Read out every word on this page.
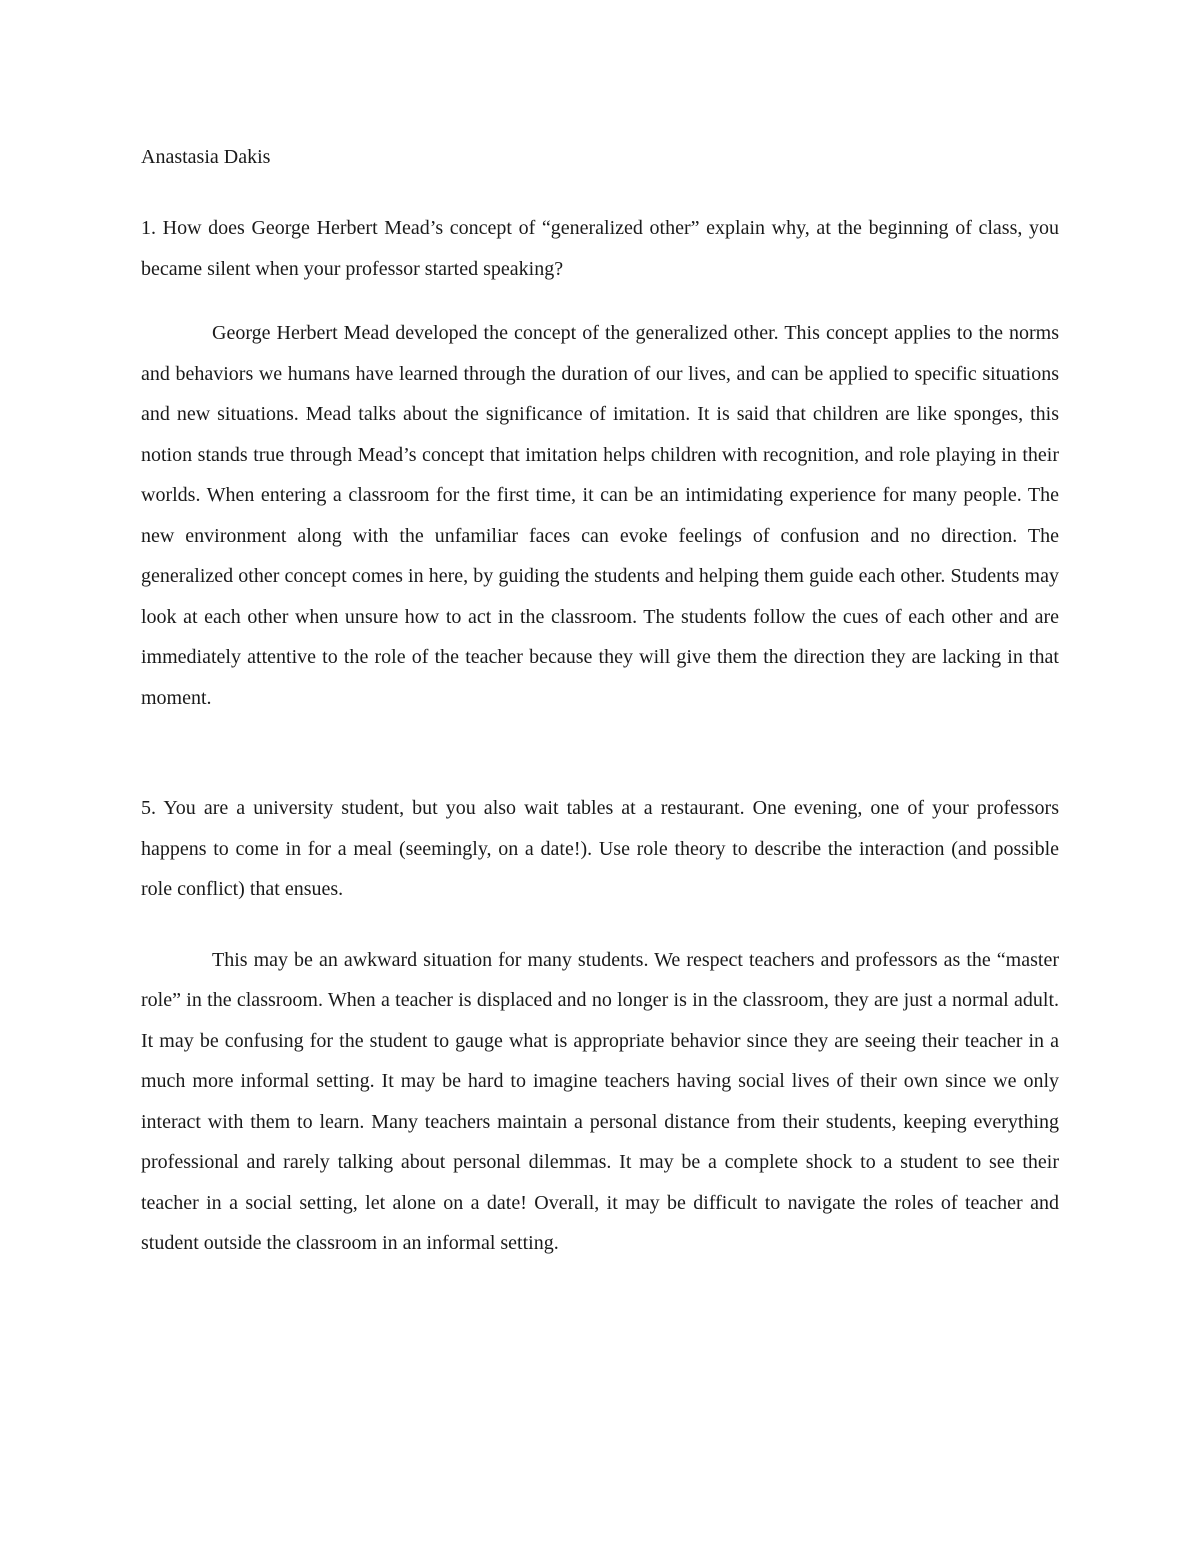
Anastasia Dakis

1. How does George Herbert Mead’s concept of “generalized other” explain why, at the beginning of class, you became silent when your professor started speaking?

George Herbert Mead developed the concept of the generalized other. This concept applies to the norms and behaviors we humans have learned through the duration of our lives, and can be applied to specific situations and new situations. Mead talks about the significance of imitation. It is said that children are like sponges, this notion stands true through Mead’s concept that imitation helps children with recognition, and role playing in their worlds. When entering a classroom for the first time, it can be an intimidating experience for many people. The new environment along with the unfamiliar faces can evoke feelings of confusion and no direction. The generalized other concept comes in here, by guiding the students and helping them guide each other. Students may look at each other when unsure how to act in the classroom. The students follow the cues of each other and are immediately attentive to the role of the teacher because they will give them the direction they are lacking in that moment.

5. You are a university student, but you also wait tables at a restaurant. One evening, one of your professors happens to come in for a meal (seemingly, on a date!). Use role theory to describe the interaction (and possible role conflict) that ensues.

This may be an awkward situation for many students. We respect teachers and professors as the “master role” in the classroom. When a teacher is displaced and no longer is in the classroom, they are just a normal adult. It may be confusing for the student to gauge what is appropriate behavior since they are seeing their teacher in a much more informal setting. It may be hard to imagine teachers having social lives of their own since we only interact with them to learn. Many teachers maintain a personal distance from their students, keeping everything professional and rarely talking about personal dilemmas. It may be a complete shock to a student to see their teacher in a social setting, let alone on a date! Overall, it may be difficult to navigate the roles of teacher and student outside the classroom in an informal setting.
